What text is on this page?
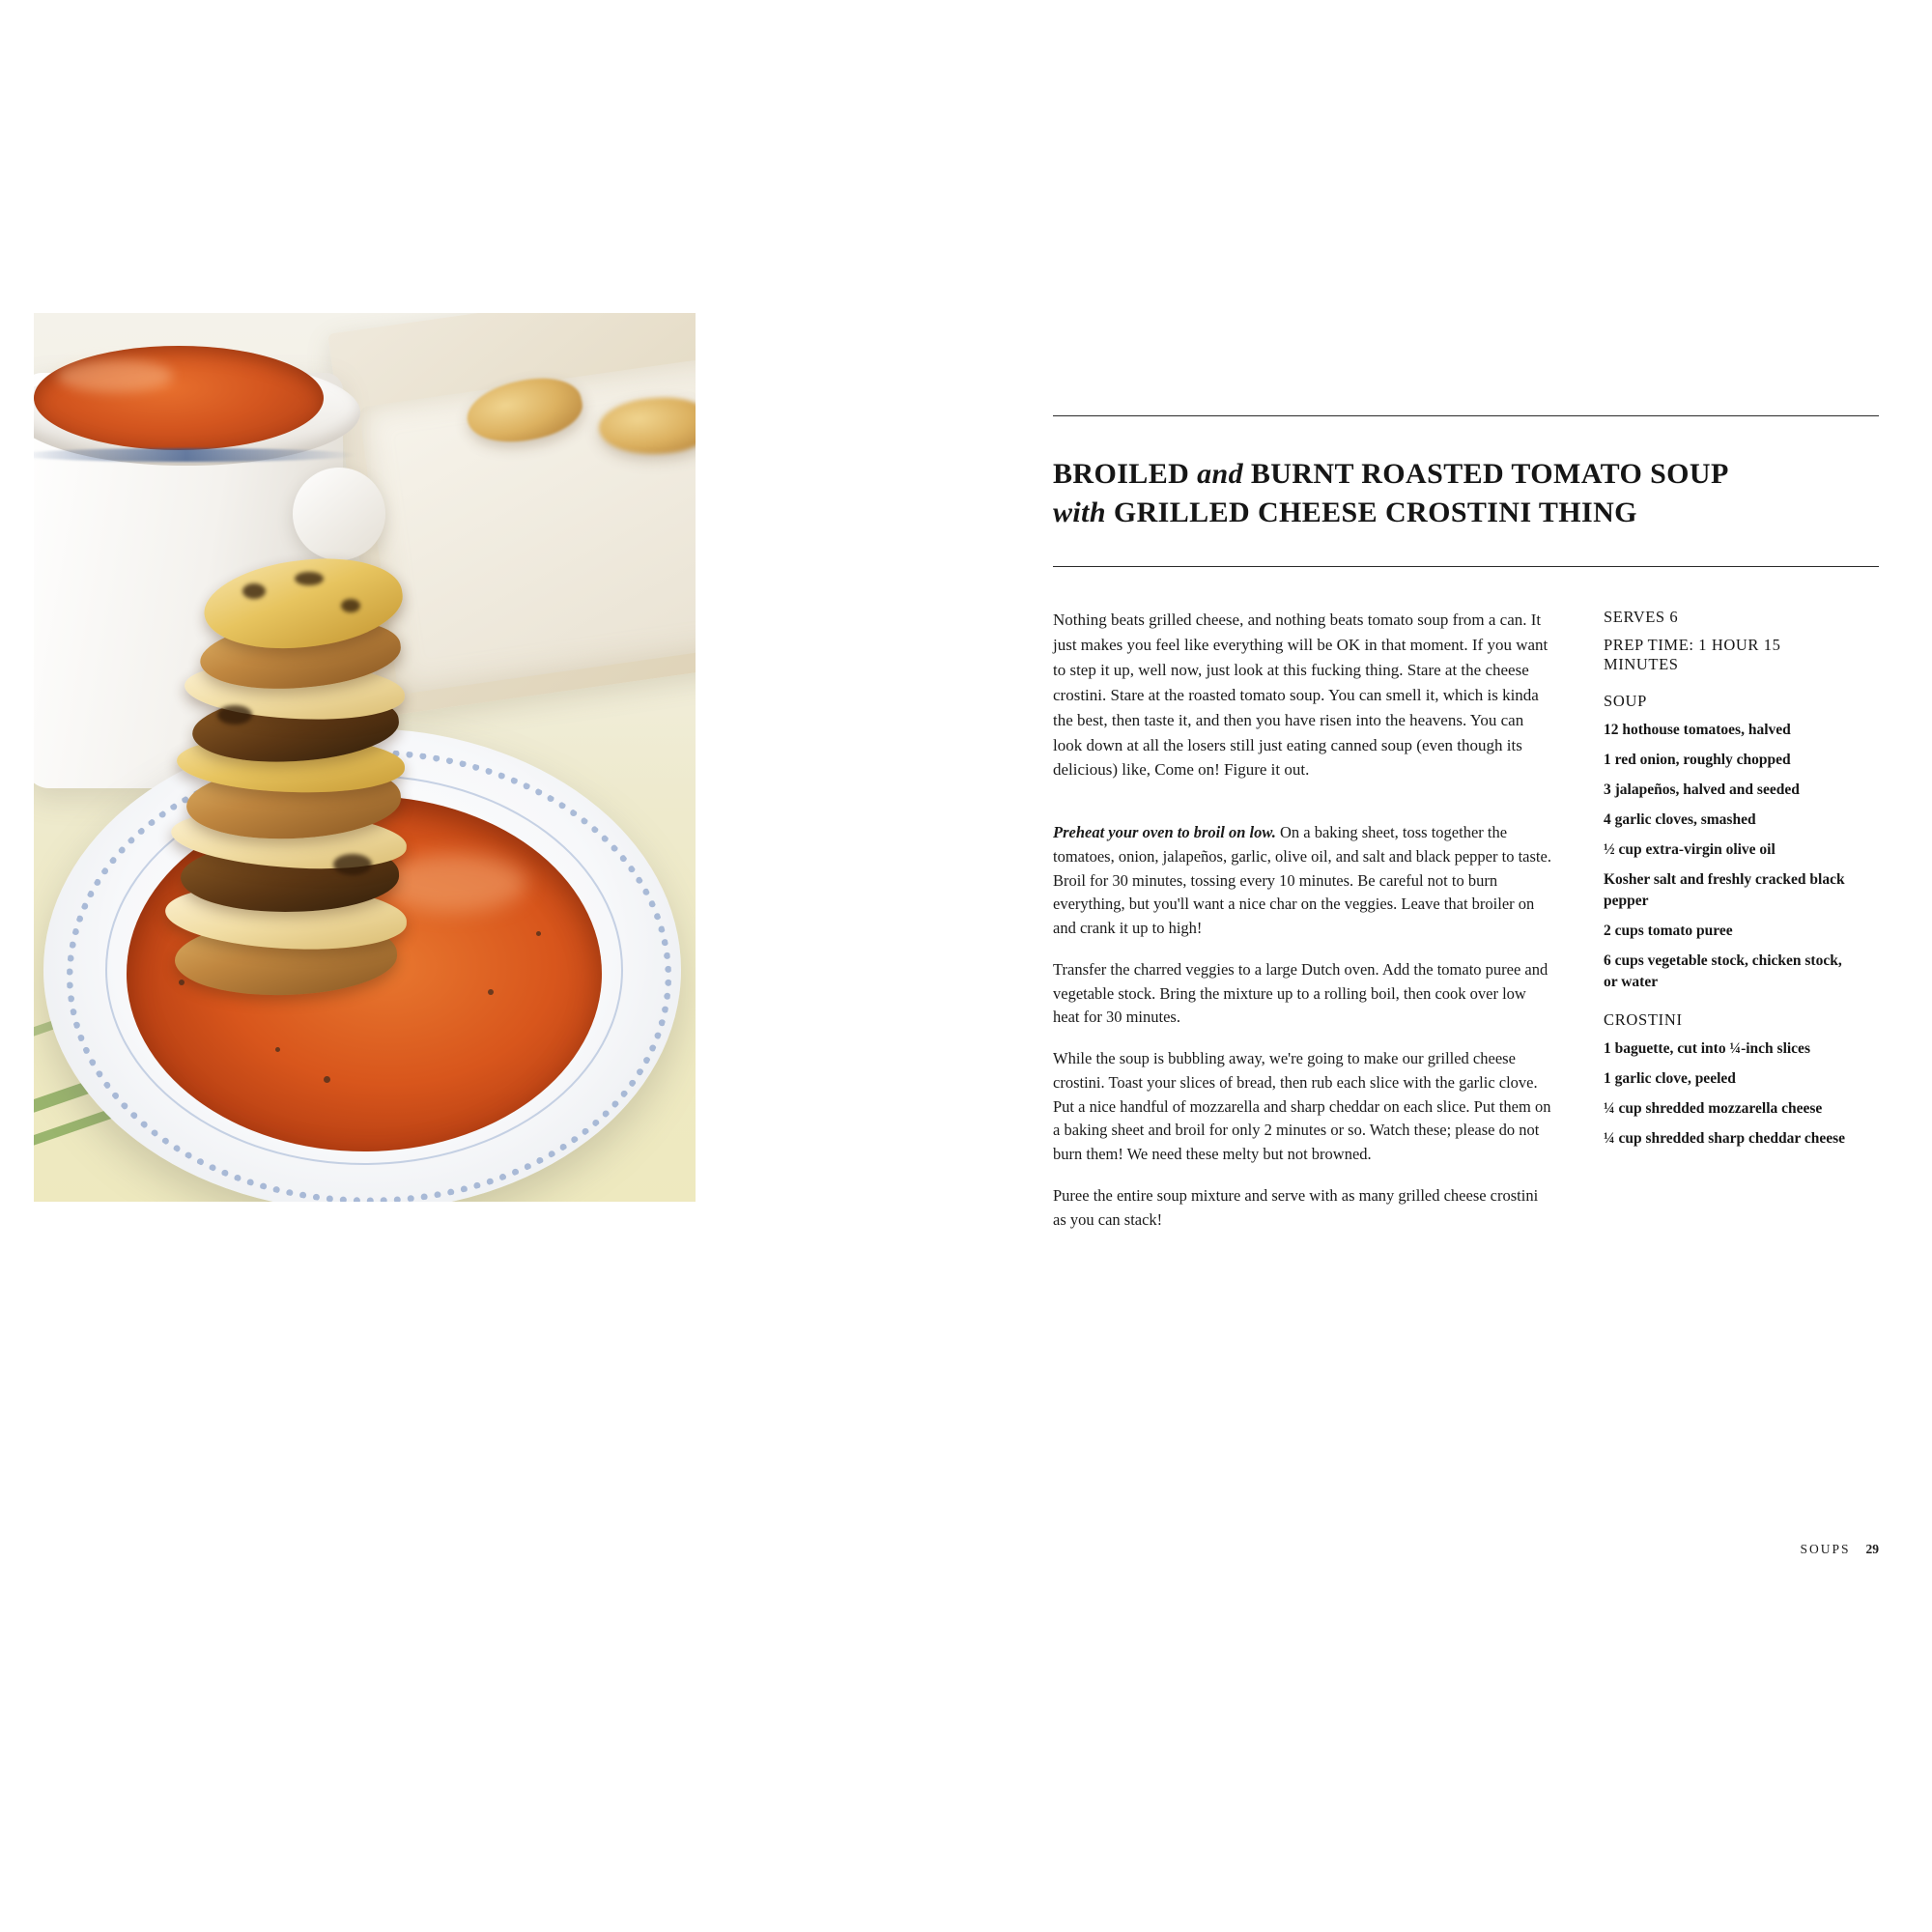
BROILED and BURNT ROASTED TOMATO SOUP
with GRILLED CHEESE CROSTINI THING

Nothing beats grilled cheese, and nothing beats tomato soup from a can. It just makes you feel like everything will be OK in that moment. If you want to step it up, well now, just look at this fucking thing. Stare at the cheese crostini. Stare at the roasted tomato soup. You can smell it, which is kinda the best, then taste it, and then you have risen into the heavens. You can look down at all the losers still just eating canned soup (even though its delicious) like, Come on! Figure it out.

Preheat your oven to broil on low. On a baking sheet, toss together the tomatoes, onion, jalapeños, garlic, olive oil, and salt and black pepper to taste. Broil for 30 minutes, tossing every 10 minutes. Be careful not to burn everything, but you'll want a nice char on the veggies. Leave that broiler on and crank it up to high!

Transfer the charred veggies to a large Dutch oven. Add the tomato puree and vegetable stock. Bring the mixture up to a rolling boil, then cook over low heat for 30 minutes.

While the soup is bubbling away, we're going to make our grilled cheese crostini. Toast your slices of bread, then rub each slice with the garlic clove. Put a nice handful of mozzarella and sharp cheddar on each slice. Put them on a baking sheet and broil for only 2 minutes or so. Watch these; please do not burn them! We need these melty but not browned.

Puree the entire soup mixture and serve with as many grilled cheese crostini as you can stack!

SERVES 6
PREP TIME: 1 HOUR 15 MINUTES
SOUP
12 hothouse tomatoes, halved
1 red onion, roughly chopped
3 jalapeños, halved and seeded
4 garlic cloves, smashed
½ cup extra-virgin olive oil
Kosher salt and freshly cracked black pepper
2 cups tomato puree
6 cups vegetable stock, chicken stock, or water
CROSTINI
1 baguette, cut into ¼-inch slices
1 garlic clove, peeled
¼ cup shredded mozzarella cheese
¼ cup shredded sharp cheddar cheese
SOUPS 29
